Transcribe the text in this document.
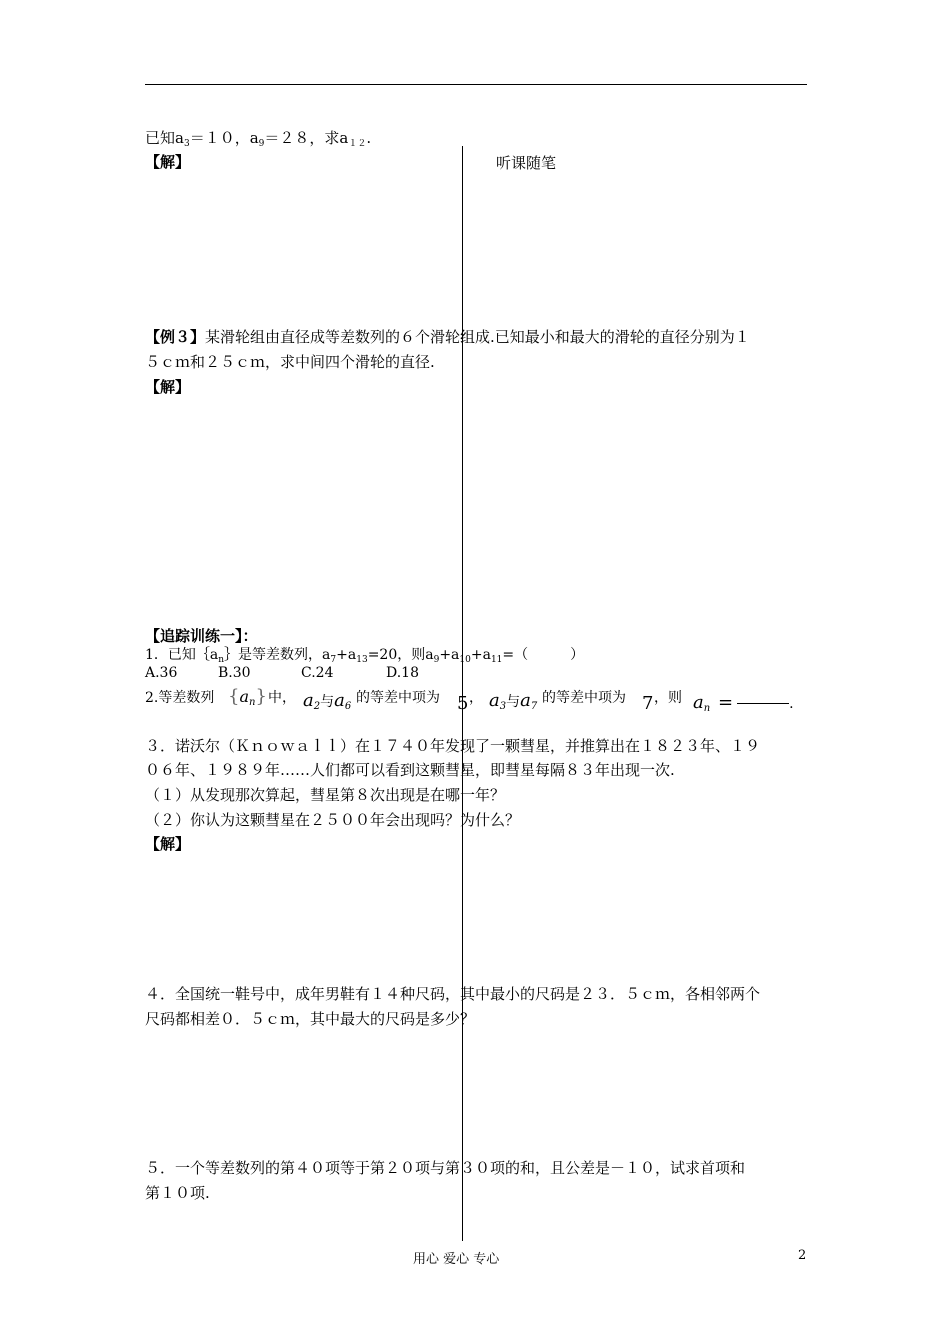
已知$a_3=10$，$a_9=28$，求$a_{12}$.
【解】	听课随笔
【例３】某滑轮组由直径成等差数列的６个滑轮组成.已知最小和最大的滑轮的直径分别为１
５ｃｍ和２５ｃｍ，求中间四个滑轮的直径.
【解】
【追踪训练一】：
1．已知$\{a_n\}$是等差数列，$a_7+a_{13}=20$，则$a_9+a_{10}+a_{11}=$（　　　）
A.36	B.30	C.24	D.18
2.等差数列 $\{a_n\}$ 中， $a_2$与$a_6$
的等差中项为 5 ， $a_3$与$a_7$
的等差中项为 7 ，则 $a_n$ =	.
３．诺沃尔（Ｋｎｏｗａｌｌ）在１７４０年发现了一颗彗星，并推算出在１８２３年、１９
０６年、１９８９年……人们都可以看到这颗彗星，即彗星每隔８３年出现一次.
（１）从发现那次算起，彗星第８次出现是在哪一年？
（２）你认为这颗彗星在２５００年会出现吗？为什么？
【解】
４．全国统一鞋号中，成年男鞋有１４种尺码，其中最小的尺码是２３．５ｃｍ，各相邻两个
尺码都相差０．５ｃｍ，其中最大的尺码是多少？
５．一个等差数列的第４０项等于第２０项与第３０项的和，且公差是－１０，试求首项和
第１０项.
用心 爱心 专心	2
